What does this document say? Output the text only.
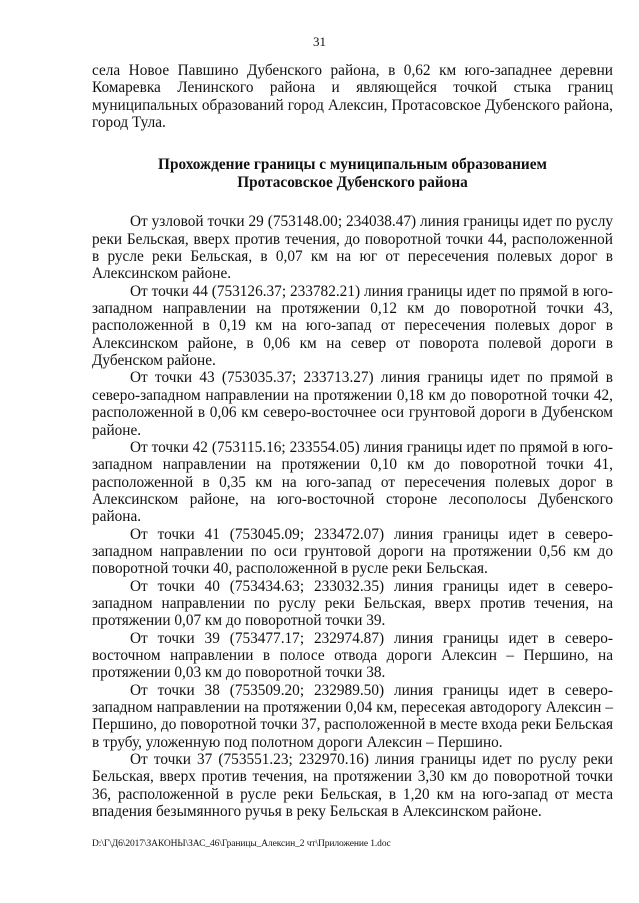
31

села Новое Павшино Дубенского района, в 0,62 км юго-западнее деревни Комаревка Ленинского района и являющейся точкой стыка границ муниципальных образований город Алексин, Протасовское Дубенского района, город Тула.

Прохождение границы с муниципальным образованием
Протасовское Дубенского района

От узловой точки 29 (753148.00; 234038.47) линия границы идет по руслу реки Бельская, вверх против течения, до поворотной точки 44, расположенной в русле реки Бельская, в 0,07 км на юг от пересечения полевых дорог в Алексинском районе.

От точки 44 (753126.37; 233782.21) линия границы идет по прямой в юго-западном направлении на протяжении 0,12 км до поворотной точки 43, расположенной в 0,19 км на юго-запад от пересечения полевых дорог в Алексинском районе, в 0,06 км на север от поворота полевой дороги в Дубенском районе.

От точки 43 (753035.37; 233713.27) линия границы идет по прямой в северо-западном направлении на протяжении 0,18 км до поворотной точки 42, расположенной в 0,06 км северо-восточнее оси грунтовой дороги в Дубенском районе.

От точки 42 (753115.16; 233554.05) линия границы идет по прямой в юго-западном направлении на протяжении 0,10 км до поворотной точки 41, расположенной в 0,35 км на юго-запад от пересечения полевых дорог в Алексинском районе, на юго-восточной стороне лесополосы Дубенского района.

От точки 41 (753045.09; 233472.07) линия границы идет в северо-западном направлении по оси грунтовой дороги на протяжении 0,56 км до поворотной точки 40, расположенной в русле реки Бельская.

От точки 40 (753434.63; 233032.35) линия границы идет в северо-западном направлении по руслу реки Бельская, вверх против течения, на протяжении 0,07 км до поворотной точки 39.

От точки 39 (753477.17; 232974.87) линия границы идет в северо-восточном направлении в полосе отвода дороги Алексин – Першино, на протяжении 0,03 км до поворотной точки 38.

От точки 38 (753509.20; 232989.50) линия границы идет в северо-западном направлении на протяжении 0,04 км, пересекая автодорогу Алексин – Першино, до поворотной точки 37, расположенной в месте входа реки Бельская в трубу, уложенную под полотном дороги Алексин – Першино.

От точки 37 (753551.23; 232970.16) линия границы идет по руслу реки Бельская, вверх против течения, на протяжении 3,30 км до поворотной точки 36, расположенной в русле реки Бельская, в 1,20 км на юго-запад от места впадения безымянного ручья в реку Бельская в Алексинском районе.

D:\Г\Д6\2017\ЗАКОНЫ\ЗАС_46\Границы_Алексин_2 чт\Приложение 1.doc
